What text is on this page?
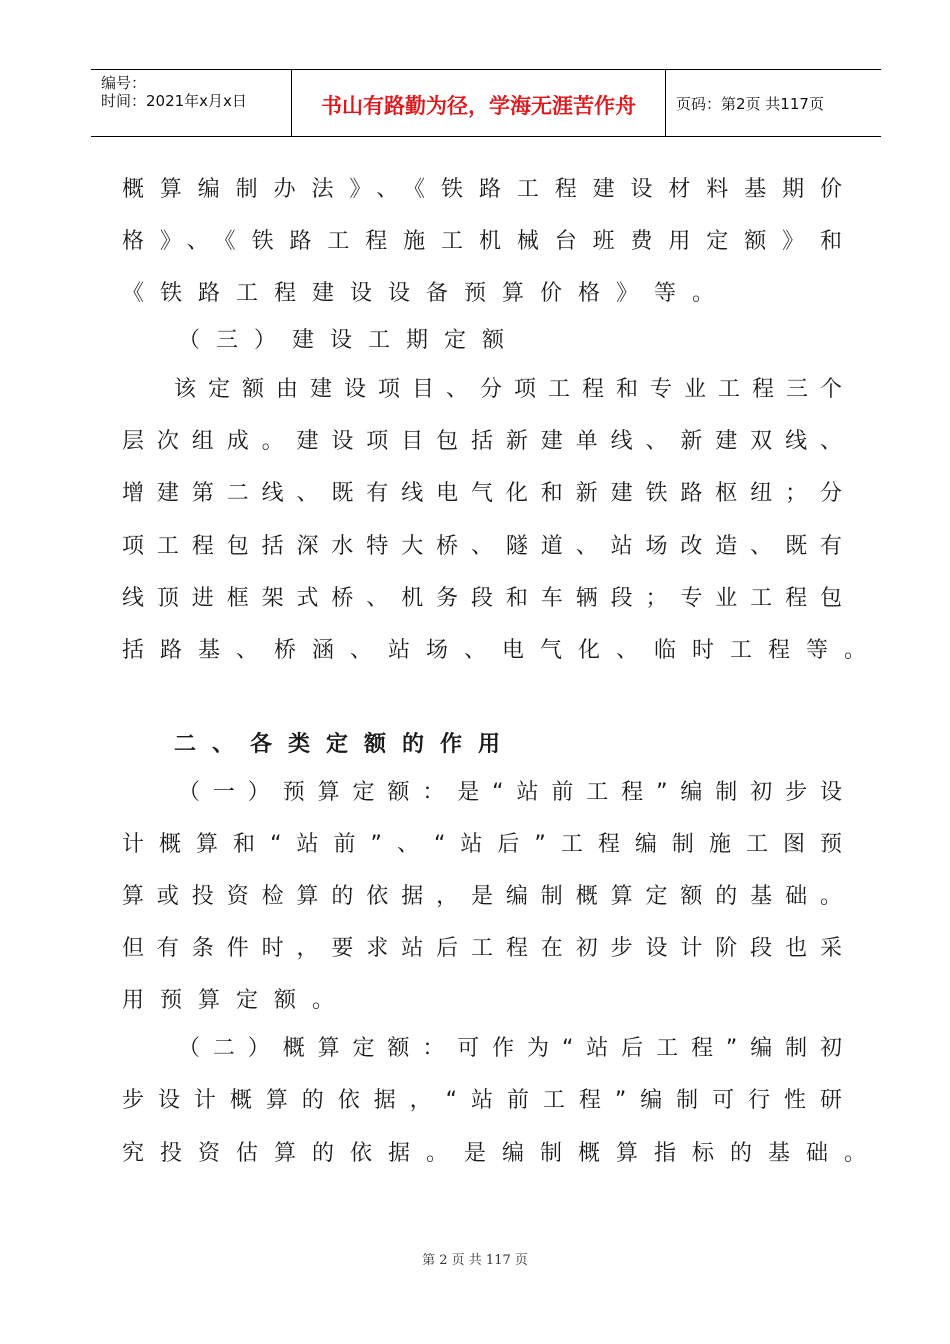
编号：
时间：2021年x月x日	书山有路勤为径，学海无涯苦作舟	页码：第2页 共117页
概算编制办法》、《铁路工程建设材料基期价
格》、《铁路工程施工机械台班费用定额》和
《铁路工程建设设备预算价格》等。
（三）建设工期定额
该定额由建设项目、分项工程和专业工程三个
层次组成。建设项目包括新建单线、新建双线、
增建第二线、既有线电气化和新建铁路枢纽；分
项工程包括深水特大桥、隧道、站场改造、既有
线顶进框架式桥、机务段和车辆段；专业工程包
括路基、桥涵、站场、电气化、临时工程等。
二、各类定额的作用
（一）预算定额：是“站前工程”编制初步设
计概算和“站前”、“站后”工程编制施工图预
算或投资检算的依据，是编制概算定额的基础。
但有条件时，要求站后工程在初步设计阶段也采
用预算定额。
（二）概算定额：可作为“站后工程”编制初
步设计概算的依据，“站前工程”编制可行性研
究投资估算的依据。是编制概算指标的基础。
第 2 页 共 117 页
